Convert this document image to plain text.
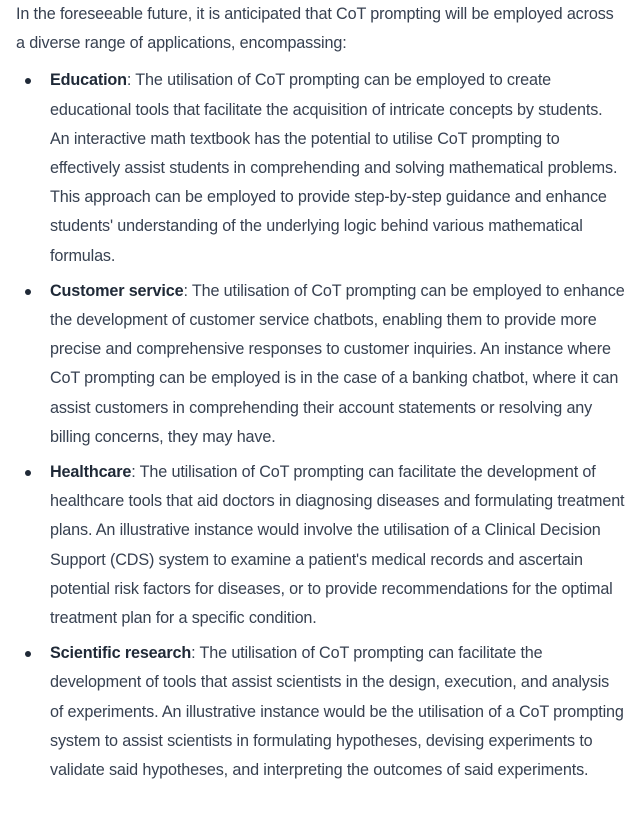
In the foreseeable future, it is anticipated that CoT prompting will be employed across a diverse range of applications, encompassing:

Education: The utilisation of CoT prompting can be employed to create educational tools that facilitate the acquisition of intricate concepts by students. An interactive math textbook has the potential to utilise CoT prompting to effectively assist students in comprehending and solving mathematical problems. This approach can be employed to provide step-by-step guidance and enhance students' understanding of the underlying logic behind various mathematical formulas.
Customer service: The utilisation of CoT prompting can be employed to enhance the development of customer service chatbots, enabling them to provide more precise and comprehensive responses to customer inquiries. An instance where CoT prompting can be employed is in the case of a banking chatbot, where it can assist customers in comprehending their account statements or resolving any billing concerns, they may have.
Healthcare: The utilisation of CoT prompting can facilitate the development of healthcare tools that aid doctors in diagnosing diseases and formulating treatment plans. An illustrative instance would involve the utilisation of a Clinical Decision Support (CDS) system to examine a patient's medical records and ascertain potential risk factors for diseases, or to provide recommendations for the optimal treatment plan for a specific condition.
Scientific research: The utilisation of CoT prompting can facilitate the development of tools that assist scientists in the design, execution, and analysis of experiments. An illustrative instance would be the utilisation of a CoT prompting system to assist scientists in formulating hypotheses, devising experiments to validate said hypotheses, and interpreting the outcomes of said experiments.
